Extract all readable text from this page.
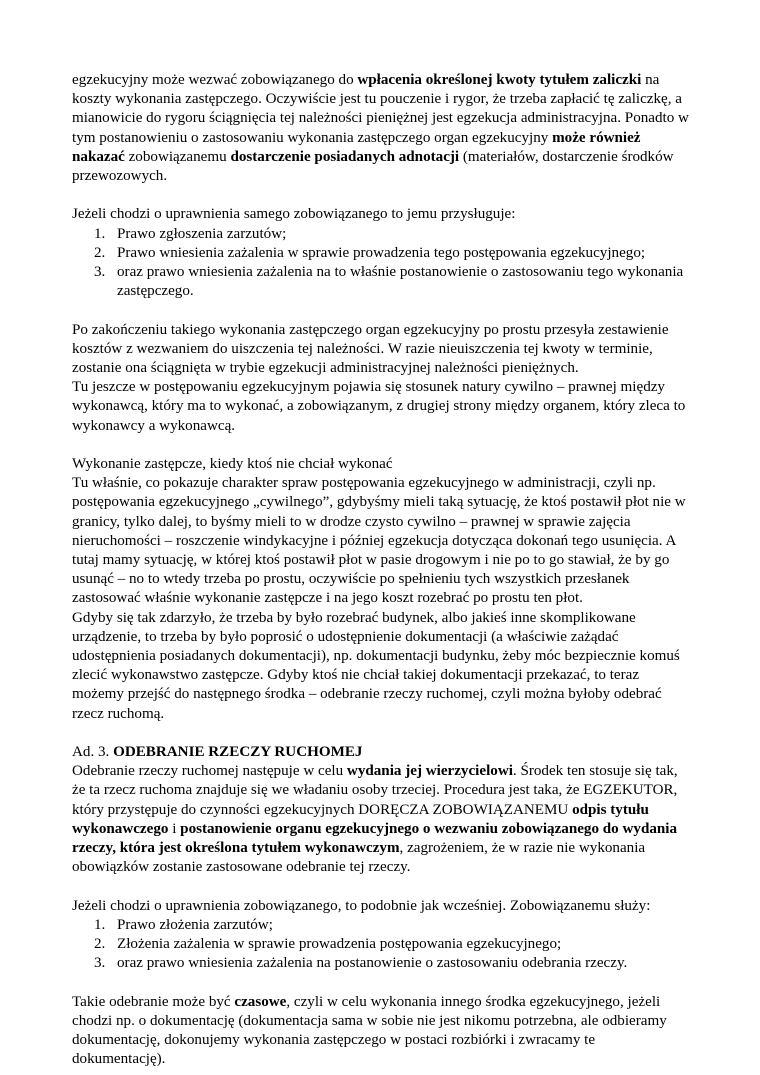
egzekucyjny może wezwać zobowiązanego do wpłacenia określonej kwoty tytułem zaliczki na koszty wykonania zastępczego. Oczywiście jest tu pouczenie i rygor, że trzeba zapłacić tę zaliczkę, a mianowicie do rygoru ściągnięcia tej należności pieniężnej jest egzekucja administracyjna. Ponadto w tym postanowieniu o zastosowaniu wykonania zastępczego organ egzekucyjny może również nakazać zobowiązanemu dostarczenie posiadanych adnotacji (materiałów, dostarczenie środków przewozowych.

Jeżeli chodzi o uprawnienia samego zobowiązanego to jemu przysługuje:

1. Prawo zgłoszenia zarzutów;
2. Prawo wniesienia zażalenia w sprawie prowadzenia tego postępowania egzekucyjnego;
3. oraz prawo wniesienia zażalenia na to właśnie postanowienie o zastosowaniu tego wykonania zastępczego.

Po zakończeniu takiego wykonania zastępczego organ egzekucyjny po prostu przesyła zestawienie kosztów z wezwaniem do uiszczenia tej należności. W razie nieuiszczenia tej kwoty w terminie, zostanie ona ściągnięta w trybie egzekucji administracyjnej należności pieniężnych.

Tu jeszcze w postępowaniu egzekucyjnym pojawia się stosunek natury cywilno – prawnej między wykonawcą, który ma to wykonać, a zobowiązanym, z drugiej strony między organem, który zleca to wykonawcy a wykonawcą.

Wykonanie zastępcze, kiedy ktoś nie chciał wykonać

Tu właśnie, co pokazuje charakter spraw postępowania egzekucyjnego w administracji, czyli np. postępowania egzekucyjnego „cywilnego”, gdybyśmy mieli taką sytuację, że ktoś postawił płot nie w granicy, tylko dalej, to byśmy mieli to w drodze czysto cywilno – prawnej w sprawie zajęcia nieruchomości – roszczenie windykacyjne i później egzekucja dotycząca dokonań tego usunięcia. A tutaj mamy sytuację, w której ktoś postawił płot w pasie drogowym i nie po to go stawiał, że by go usunąć – no to wtedy trzeba po prostu, oczywiście po spełnieniu tych wszystkich przesłanek zastosować właśnie wykonanie zastępcze i na jego koszt rozebrać po prostu ten płot.

Gdyby się tak zdarzyło, że trzeba by było rozebrać budynek, albo jakieś inne skomplikowane urządzenie, to trzeba by było poprosić o udostępnienie dokumentacji (a właściwie zażądać udostępnienia posiadanych dokumentacji), np. dokumentacji budynku, żeby móc bezpiecznie komuś zlecić wykonawstwo zastępcze. Gdyby ktoś nie chciał takiej dokumentacji przekazać, to teraz możemy przejść do następnego środka – odebranie rzeczy ruchomej, czyli można byłoby odebrać rzecz ruchomą.

Ad. 3. ODEBRANIE RZECZY RUCHOMEJ

Odebranie rzeczy ruchomej następuje w celu wydania jej wierzycielowi. Środek ten stosuje się tak, że ta rzecz ruchoma znajduje się we władaniu osoby trzeciej. Procedura jest taka, że EGZEKUTOR, który przystępuje do czynności egzekucyjnych DORĘCZA ZOBOWIĄZANEMU odpis tytułu wykonawczego i postanowienie organu egzekucyjnego o wezwaniu zobowiązanego do wydania rzeczy, która jest określona tytułem wykonawczym, zagrożeniem, że w razie nie wykonania obowiązków zostanie zastosowane odebranie tej rzeczy.

Jeżeli chodzi o uprawnienia zobowiązanego, to podobnie jak wcześniej. Zobowiązanemu służy:

1. Prawo złożenia zarzutów;
2. Złożenia zażalenia w sprawie prowadzenia postępowania egzekucyjnego;
3. oraz prawo wniesienia zażalenia na postanowienie o zastosowaniu odebrania rzeczy.

Takie odebranie może być czasowe, czyli w celu wykonania innego środka egzekucyjnego, jeżeli chodzi np. o dokumentację (dokumentacja sama w sobie nie jest nikomu potrzebna, ale odbieramy dokumentację, dokonujemy wykonania zastępczego w postaci rozbiórki i zwracamy te dokumentację).
